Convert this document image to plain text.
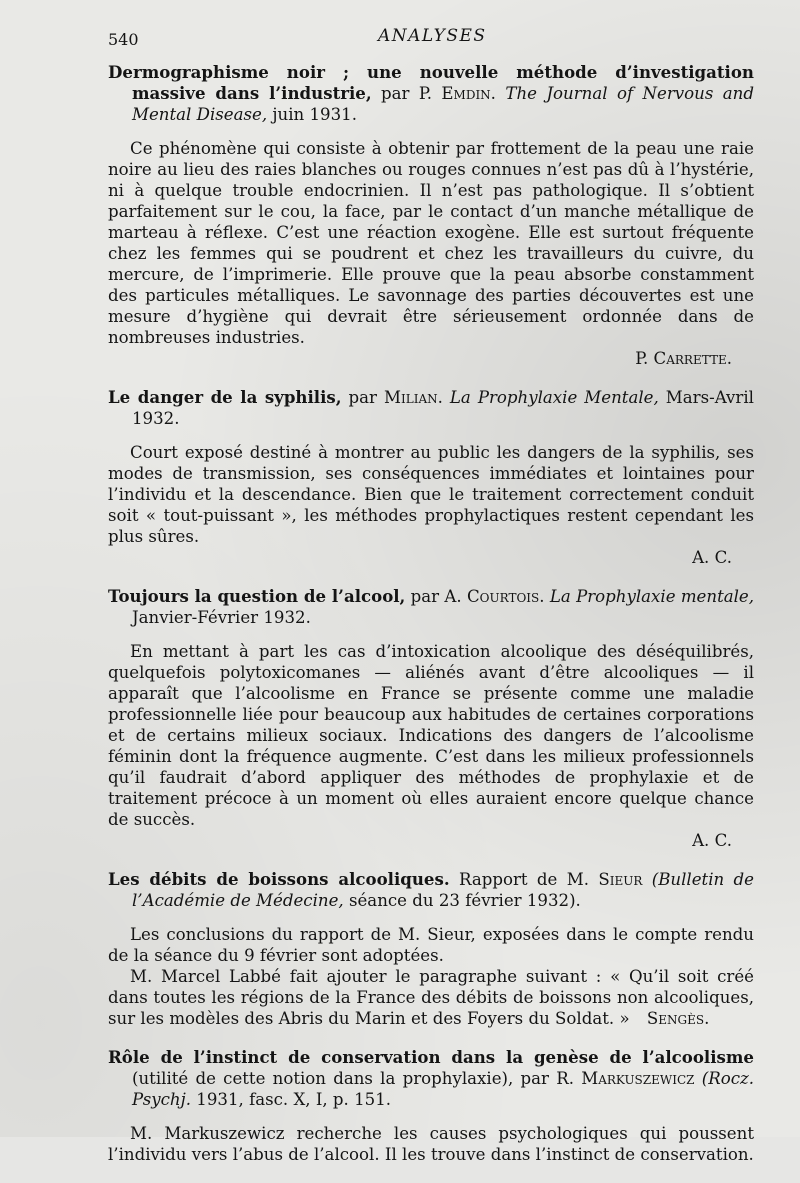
540	ANALYSES

Dermographisme noir ; une nouvelle méthode d’investigation massive dans l’industrie, par P. Emdin. The Journal of Nervous and Mental Disease, juin 1931.

Ce phénomène qui consiste à obtenir par frottement de la peau une raie noire au lieu des raies blanches ou rouges connues n’est pas dû à l’hystérie, ni à quelque trouble endocrinien. Il n’est pas pathologique. Il s’obtient parfaitement sur le cou, la face, par le contact d’un manche métallique de marteau à réflexe. C’est une réaction exogène. Elle est surtout fréquente chez les femmes qui se poudrent et chez les travailleurs du cuivre, du mercure, de l’imprimerie. Elle prouve que la peau absorbe constamment des particules métalliques. Le savonnage des parties découvertes est une mesure d’hygiène qui devrait être sérieusement ordonnée dans de nombreuses industries.

P. Carrette.

Le danger de la syphilis, par Milian. La Prophylaxie Mentale, Mars-Avril 1932.

Court exposé destiné à montrer au public les dangers de la syphilis, ses modes de transmission, ses conséquences immédiates et lointaines pour l’individu et la descendance. Bien que le traitement correctement conduit soit « tout-puissant », les méthodes prophylactiques restent cependant les plus sûres.

A. C.

Toujours la question de l’alcool, par A. Courtois. La Prophylaxie mentale, Janvier-Février 1932.

En mettant à part les cas d’intoxication alcoolique des déséquilibrés, quelquefois polytoxicomanes — aliénés avant d’être alcooliques — il apparaît que l’alcoolisme en France se présente comme une maladie professionnelle liée pour beaucoup aux habitudes de certaines corporations et de certains milieux sociaux. Indications des dangers de l’alcoolisme féminin dont la fréquence augmente. C’est dans les milieux professionnels qu’il faudrait d’abord appliquer des méthodes de prophylaxie et de traitement précoce à un moment où elles auraient encore quelque chance de succès.

A. C.

Les débits de boissons alcooliques. Rapport de M. Sieur (Bulletin de l’Académie de Médecine, séance du 23 février 1932).

Les conclusions du rapport de M. Sieur, exposées dans le compte rendu de la séance du 9 février sont adoptées.

M. Marcel Labbé fait ajouter le paragraphe suivant : « Qu’il soit créé dans toutes les régions de la France des débits de boissons non alcooliques, sur les modèles des Abris du Marin et des Foyers du Soldat. » Sengès.

Rôle de l’instinct de conservation dans la genèse de l’alcoolisme (utilité de cette notion dans la prophylaxie), par R. Markuszewicz (Rocz. Psychj. 1931, fasc. X, I, p. 151.

M. Markuszewicz recherche les causes psychologiques qui poussent l’individu vers l’abus de l’alcool. Il les trouve dans l’instinct de conservation.
